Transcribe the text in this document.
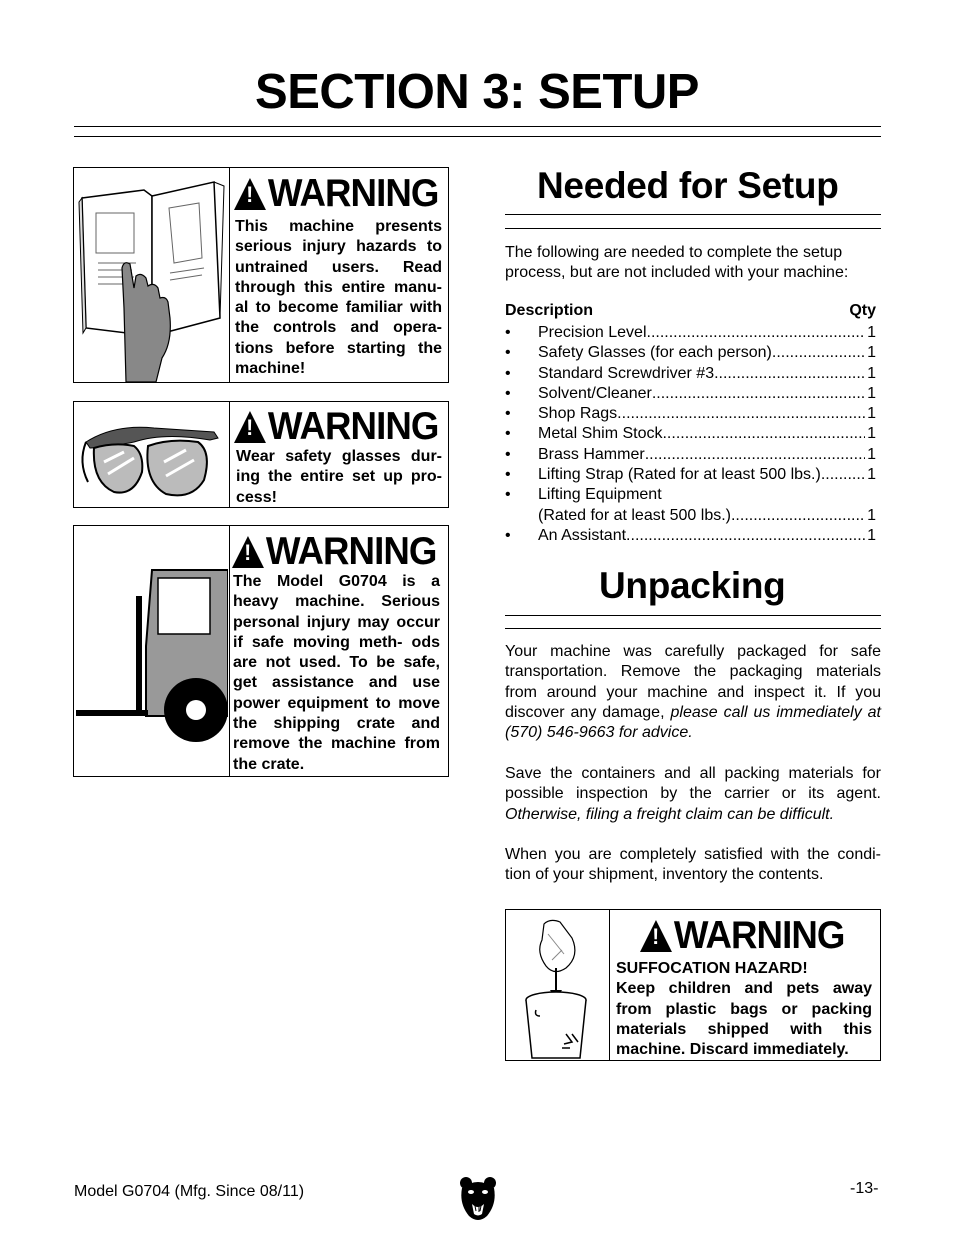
SECTION 3: SETUP
!
WARNING
This machine presents serious injury hazards to untrained users. Read through this entire manu- al to become familiar with the controls and opera- tions before starting the machine!
!
WARNING
Wear safety glasses dur- ing the entire set up pro- cess!
!
WARNING
The Model G0704 is a heavy machine. Serious personal injury may occur if safe moving meth- ods are not used. To be safe, get assistance and use power equipment to move the shipping crate and remove the machine from the crate.
Needed for Setup
The following are needed to complete the setup process, but are not included with your machine:
Description	Qty
• Precision Level .....	1
• Safety Glasses (for each person) .....	1
• Standard Screwdriver #3 .....	1
• Solvent/Cleaner .....	1
• Shop Rags .....	1
• Metal Shim Stock .....	1
• Brass Hammer .....	1
• Lifting Strap (Rated for at least 500 lbs.) .....	1
• Lifting Equipment
(Rated for at least 500 lbs.) .....	1
• An Assistant .....	1
Unpacking
Your machine was carefully packaged for safe transportation. Remove the packaging materials from around your machine and inspect it. If you discover any damage, please call us immediately at (570) 546-9663 for advice.
Save the containers and all packing materials for possible inspection by the carrier or its agent. Otherwise, filing a freight claim can be difficult.
When you are completely satisfied with the condi- tion of your shipment, inventory the contents.
!
WARNING
SUFFOCATION HAZARD!
Keep children and pets away from plastic bags or packing materials shipped with this machine. Discard immediately.
Model G0704 (Mfg. Since 08/11)	-13-
